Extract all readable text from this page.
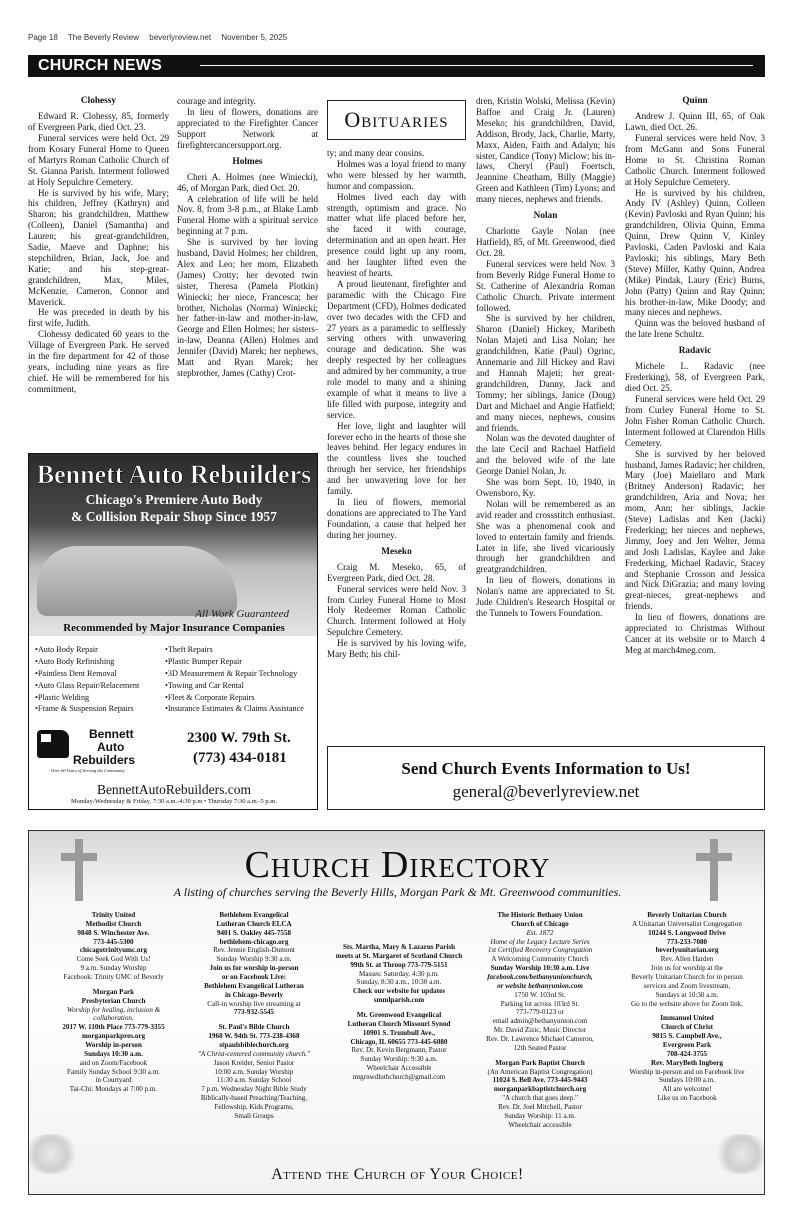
Page 18 The Beverly Review beverlyreview.net November 5, 2025
CHURCH NEWS
Clohessy

Edward R. Clohessy, 85, formerly of Evergreen Park, died Oct. 23.

Funeral services were held Oct. 29 from Kosary Funeral Home to Queen of Martyrs Roman Catholic Church of St. Gianna Parish. Interment followed at Holy Sepulchre Cemetery.

He is survived by his wife, Mary; his children, Jeffrey (Kathryn) and Sharon; his grandchildren, Matthew (Colleen), Daniel (Samantha) and Lauren; his great-grandchildren, Sadie, Maeve and Daphne; his stepchildren, Brian, Jack, Joe and Katie; and his step-great-grandchildren, Max, Miles, McKenzie, Cameron, Connor and Maverick.

He was preceded in death by his first wife, Judith.

Clohessy dedicated 60 years to the Village of Evergreen Park. He served in the fire department for 42 of those years, including nine years as fire chief. He will be remembered for his commitment,

courage and integrity.

In lieu of flowers, donations are appreciated to the Firefighter Cancer Support Network at firefightercancersupport.org.

Holmes

Cheri A. Holmes (nee Winiecki), 46, of Morgan Park, died Oct. 20.

A celebration of life will be held Nov. 8, from 3-8 p.m., at Blake Lamb Funeral Home with a spiritual service beginning at 7 p.m.

She is survived by her loving husband, David Holmes; her children, Alex and Leo; her mom, Elizabeth (James) Crotty; her devoted twin sister, Theresa (Pamela Plotkin) Winiecki; her niece, Francesca; her brother, Nicholas (Norma) Winiecki; her father-in-law and mother-in-law, George and Ellen Holmes; her sisters-in-law, Deanna (Allen) Holmes and Jennifer (David) Marek; her nephews, Matt and Ryan Marek; her stepbrother, James (Cathy) Crot-

Obituaries

ty; and many dear cousins.

Holmes was a loyal friend to many who were blessed by her warmth, humor and compassion.

Holmes lived each day with strength, optimism and grace. No matter what life placed before her, she faced it with courage, determination and an open heart. Her presence could light up any room, and her laughter lifted even the heaviest of hearts.

A proud lieutenant, firefighter and paramedic with the Chicago Fire Department (CFD), Holmes dedicated over two decades with the CFD and 27 years as a paramedic to selflessly serving others with unwavering courage and dedication. She was deeply respected by her colleagues and admired by her community, a true role model to many and a shining example of what it means to live a life filled with purpose, integrity and service.

Her love, light and laughter will forever echo in the hearts of those she leaves behind. Her legacy endures in the countless lives she touched through her service, her friendships and her unwavering love for her family.

In lieu of flowers, memorial donations are appreciated to The Yard Foundation, a cause that helped her during her journey.

Meseko

Craig M. Meseko, 65, of Evergreen Park, died Oct. 28.

Funeral services were held Nov. 3 from Curley Funeral Home to Most Holy Redeemer Roman Catholic Church. Interment followed at Holy Sepulchre Cemetery.

He is survived by his loving wife, Mary Beth; his chil-

dren, Kristin Wolski, Melissa (Kevin) Baffoe and Craig Jr. (Lauren) Meseko; his grandchildren, David, Addison, Brody, Jack, Charlie, Marty, Maxx, Aiden, Faith and Adalyn; his sister, Candice (Tony) Miclow; his in-laws, Cheryl (Paul) Foertsch, Jeannine Cheatham, Billy (Maggie) Green and Kathleen (Tim) Lyons; and many nieces, nephews and friends.

Nolan

Charlotte Gayle Nolan (nee Hatfield), 85, of Mt. Greenwood, died Oct. 28.

Funeral services were held Nov. 3 from Beverly Ridge Funeral Home to St. Catherine of Alexandria Roman Catholic Church. Private interment followed.

She is survived by her children, Sharon (Daniel) Hickey, Maribeth Nolan Majeti and Lisa Nolan; her grandchildren, Katie (Paul) Ogrinc, Annemarie and Jill Hickey and Ravi and Hannah Majeti; her great-grandchildren, Danny, Jack and Tommy; her siblings, Janice (Doug) Dart and Michael and Angie Hatfield; and many nieces, nephews, cousins and friends.

Nolan was the devoted daughter of the late Cecil and Rachael Hatfield and the beloved wife of the late George Daniel Nolan, Jr.

She was born Sept. 10, 1940, in Owensboro, Ky.

Nolan will be remembered as an avid reader and crossstitch enthusiast. She was a phenomenal cook and loved to entertain family and friends. Later in life, she lived vicariously through her grandchildren and greatgrandchildren.

In lieu of flowers, donations in Nolan's name are appreciated to St. Jude Children's Research Hospital or the Tunnels to Towers Foundation.

Quinn

Andrew J. Quinn III, 65, of Oak Lawn, died Oct. 26.

Funeral services were held Nov. 3 from McGann and Sons Funeral Home to St. Christina Roman Catholic Church. Interment followed at Holy Sepulchre Cemetery.

He is survived by his children, Andy IV (Ashley) Quinn, Colleen (Kevin) Pavloski and Ryan Quinn; his grandchildren, Olivia Quinn, Emma Quinn, Drew Quinn V, Kinley Pavloski, Caden Pavloski and Kaia Pavloski; his siblings, Mary Beth (Steve) Miller, Kathy Quinn, Andrea (Mike) Pindak, Laury (Eric) Burns, John (Patty) Quinn and Ray Quinn; his brother-in-law, Mike Doody; and many nieces and nephews.

Quinn was the beloved husband of the late Irene Schultz.

Radavic

Michele L. Radavic (nee Frederking), 58, of Evergreen Park, died Oct. 25.

Funeral services were held Oct. 29 from Curley Funeral Home to St. John Fisher Roman Catholic Church. Interment followed at Clarendon Hills Cemetery.

She is survived by her beloved husband, James Radavic; her children, Mary (Joe) Maiellaro and Mark (Britney Anderson) Radavic; her grandchildren, Aria and Nova; her mom, Ann; her siblings, Jackie (Steve) Ladislas and Ken (Jacki) Frederking; her nieces and nephews, Jimmy, Joey and Jen Welter, Jenna and Josh Ladislas, Kaylee and Jake Frederking, Michael Radavic, Stacey and Stephanie Crosson and Jessica and Nick DiGrazia; and many loving great-nieces, great-nephews and friends.

In lieu of flowers, donations are appreciated to Christmas Without Cancer at its website or to March 4 Meg at march4meg.com.

Bennett Auto Rebuilders
Chicago's Premiere Auto Body
& Collision Repair Shop Since 1957
All Work Guaranteed
Recommended by Major Insurance Companies
• Auto Body Repair
• Auto Body Refinishing
• Paintless Dent Removal
• Auto Glass Repair/Relacement
• Plastic Welding
• Frame & Suspension Repairs
• Theft Repairs
• Plastic Bumper Repair
• 3D Measurement & Repair Technology
• Towing and Car Rental
• Fleet & Corporate Repairs
• Insurance Estimates & Claims Assistance
Bennett
Auto
Rebuilders
Over 60 Years of Serving the Community
2300 W. 79th St.
(773) 434-0181
BennettAutoRebuilders.com
Monday-Wednesday & Friday, 7:30 a.m.-4:30 p.m • Thursday 7:30 a.m.-5 p.m.
Send Church Events Information to Us!
general@beverlyreview.net
Church Directory
A listing of churches serving the Beverly Hills, Morgan Park & Mt. Greenwood communities.
Trinity United
Methodist Church
9848 S. Winchester Ave.
773-445-5300
chicagotrinityumc.org
Come Seek God With Us!
9 a.m. Sunday Worship
Facebook: Trinity UMC of Beverly
Morgan Park
Presbyterian Church
Worship for healing, inclusion & collaboration.
2017 W. 110th Place 773-779-3355
morganparkpres.org
Worship in-person
Sundays 10:30 a.m.
and on Zoom/Facebook
Family Sunday School 9:30 a.m.
in Courtyard
Tai-Chi: Mondays at 7:00 p.m.
Bethlehem Evangelical
Lutheran Church ELCA
9401 S. Oakley 445-7558
bethlehem-chicago.org
Rev. Jennie English-Dumont
Sunday Worship 9:30 a.m.
Join us for worship in-person
or on Facebook Live:
Bethlehem Evangelical Lutheran
in Chicago-Beverly
Call-in worship live streaming at
773-932-5545
St. Paul's Bible Church
1960 W. 94th St. 773-238-4368
stpaulsbiblechurch.org
"A Christ-centered community church."
Jason Kreider, Senior Pastor
10:00 a.m. Sunday Worship
11:30 a.m. Sunday School
7 p.m. Wednesday Night Bible Study
Biblically-based Preaching/Teaching,
Fellowship, Kids Programs,
Small Groups
Sts. Martha, Mary & Lazarus Parish
meets at St. Margaret of Scotland Church
99th St. at Throop 773-779-5151
Masses: Saturday, 4:30 p.m.
Sunday, 8:30 a.m., 10:30 a.m.
Check our website for updates
smmlparish.com
Mt. Greenwood Evangelical
Lutheran Church Missouri Synod
10901 S. Trumbull Ave.,
Chicago, IL 60655 773-445-6080
Rev. Dr. Kevin Bergmann, Pastor
Sunday Worship: 9:30 a.m.
Wheelchair Accessible
mtgrnwdluthchurch@gmail.com
The Historic Bethany Union
Church of Chicago
Est. 1872
Home of the Legacy Lecture Series
1st Certified Recovery Congregation
A Welcoming Community Church
Sunday Worship 10:30 a.m. Live
facebook.com/bethanyunionchurch,
or website bethanyunion.com
1750 W. 103rd St.
Parking lot across 103rd St.
773-779-0123 or
email admin@bethanyunion.com
Mr. David Zizic, Music Director
Rev. Dr. Lawrence Michael Cameron,
12th Seated Pastor
Morgan Park Baptist Church
(An American Baptist Congregation)
11024 S. Bell Ave. 773-445-9443
morganparkbaptistchurch.org
"A church that goes deep."
Rev. Dr. Joel Mitchell, Pastor
Sunday Worship: 11 a.m.
Wheelchair accessible
Beverly Unitarian Church
A Unitarian Universalist Congregation
10244 S. Longwood Drive
773-233-7080
beverlyunitarian.org
Rev. Allen Harden
Join us for worship at the
Beverly Unitarian Church for in person
services and Zoom livestream,
Sundays at 10:30 a.m.
Go to the website above for Zoom link.
Immanuel United
Church of Christ
9815 S. Campbell Ave.,
Evergreen Park
708-424-3755
Rev. MaryBeth Ingberg
Worship in-person and on Facebook live
Sundays 10:00 a.m.
All are welcome!
Like us on Facebook
Attend the Church of Your Choice!
